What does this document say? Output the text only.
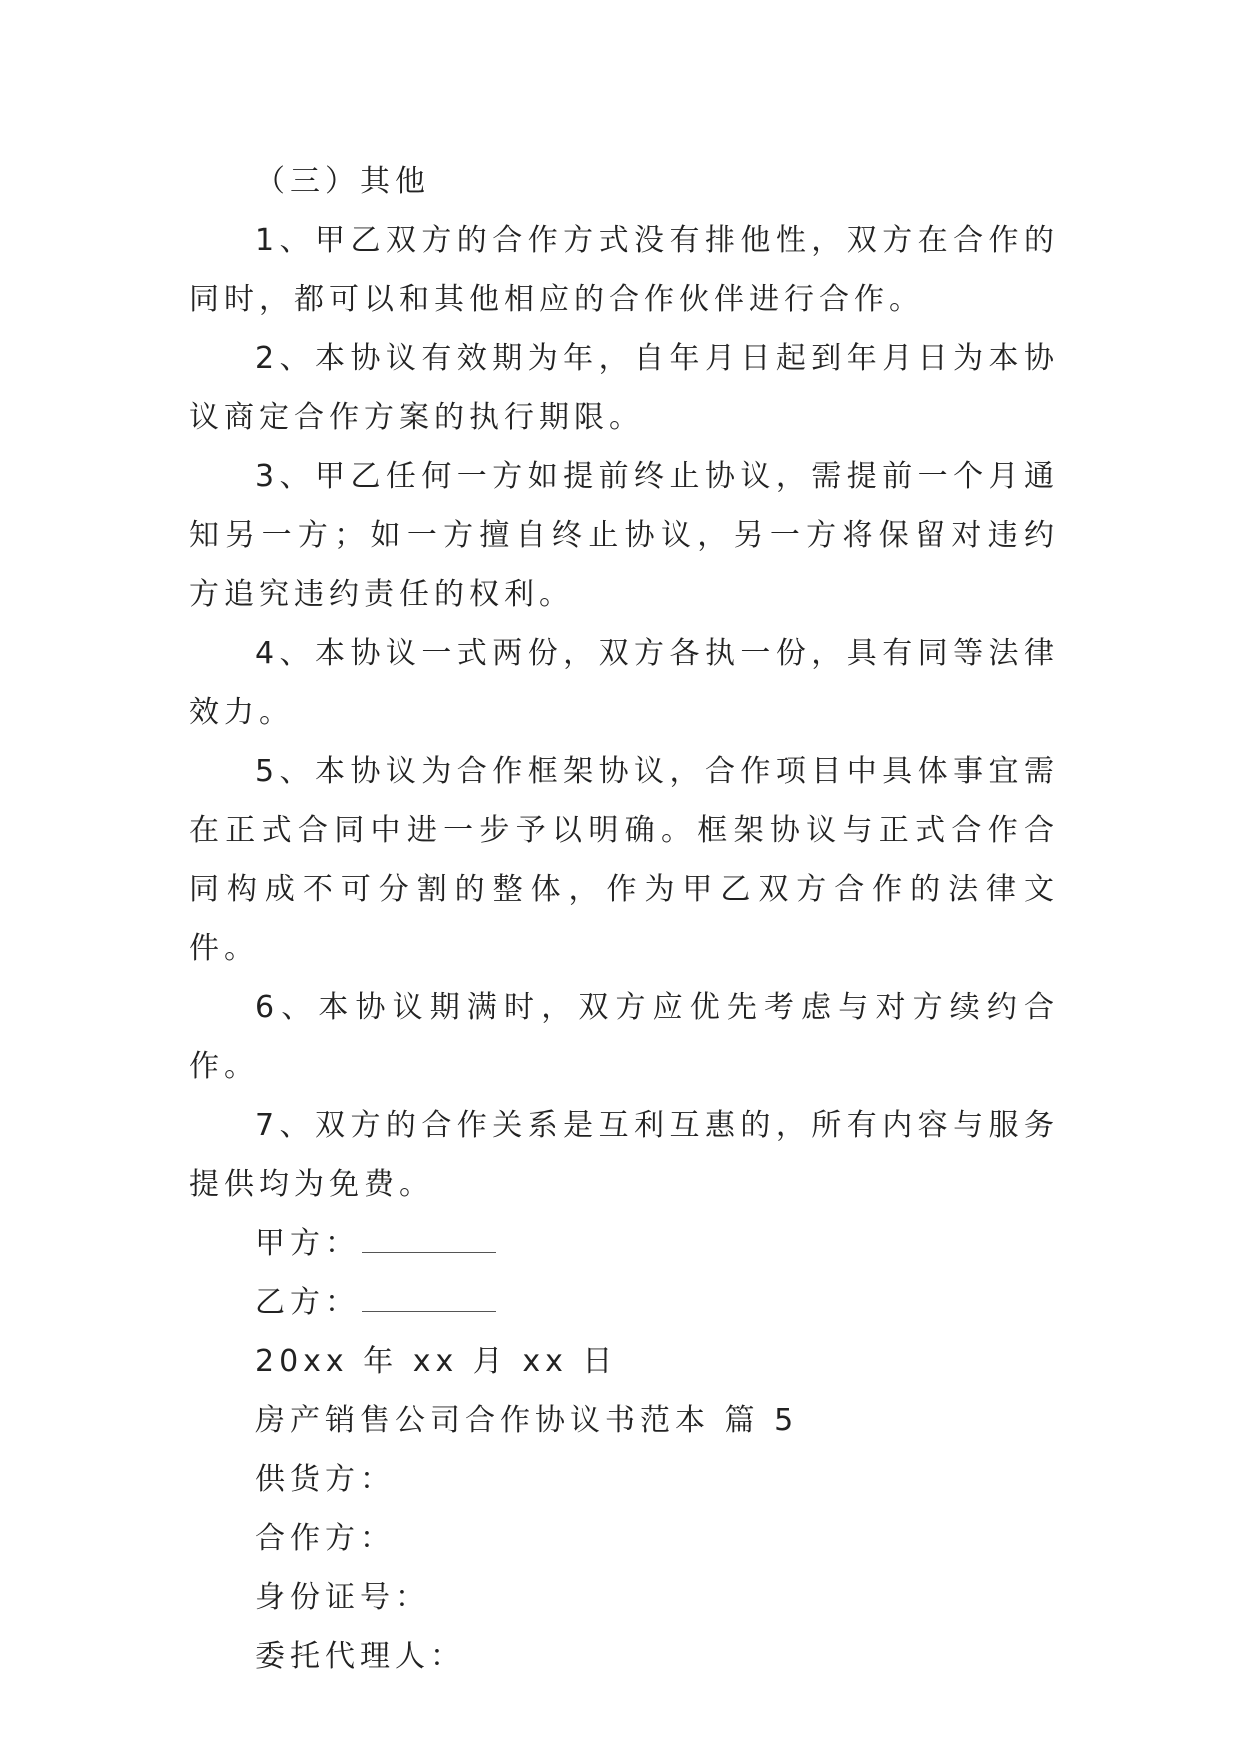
（三）其他

1、甲乙双方的合作方式没有排他性，双方在合作的同时，都可以和其他相应的合作伙伴进行合作。

2、本协议有效期为年，自年月日起到年月日为本协议商定合作方案的执行期限。

3、甲乙任何一方如提前终止协议，需提前一个月通知另一方；如一方擅自终止协议，另一方将保留对违约方追究违约责任的权利。

4、本协议一式两份，双方各执一份，具有同等法律效力。

5、本协议为合作框架协议，合作项目中具体事宜需在正式合同中进一步予以明确。框架协议与正式合作合同构成不可分割的整体，作为甲乙双方合作的法律文件。

6、本协议期满时，双方应优先考虑与对方续约合作。

7、双方的合作关系是互利互惠的，所有内容与服务提供均为免费。

甲方：

乙方：

20xx 年 xx 月 xx 日

房产销售公司合作协议书范本 篇 5

供货方：

合作方：

身份证号：

委托代理人：
